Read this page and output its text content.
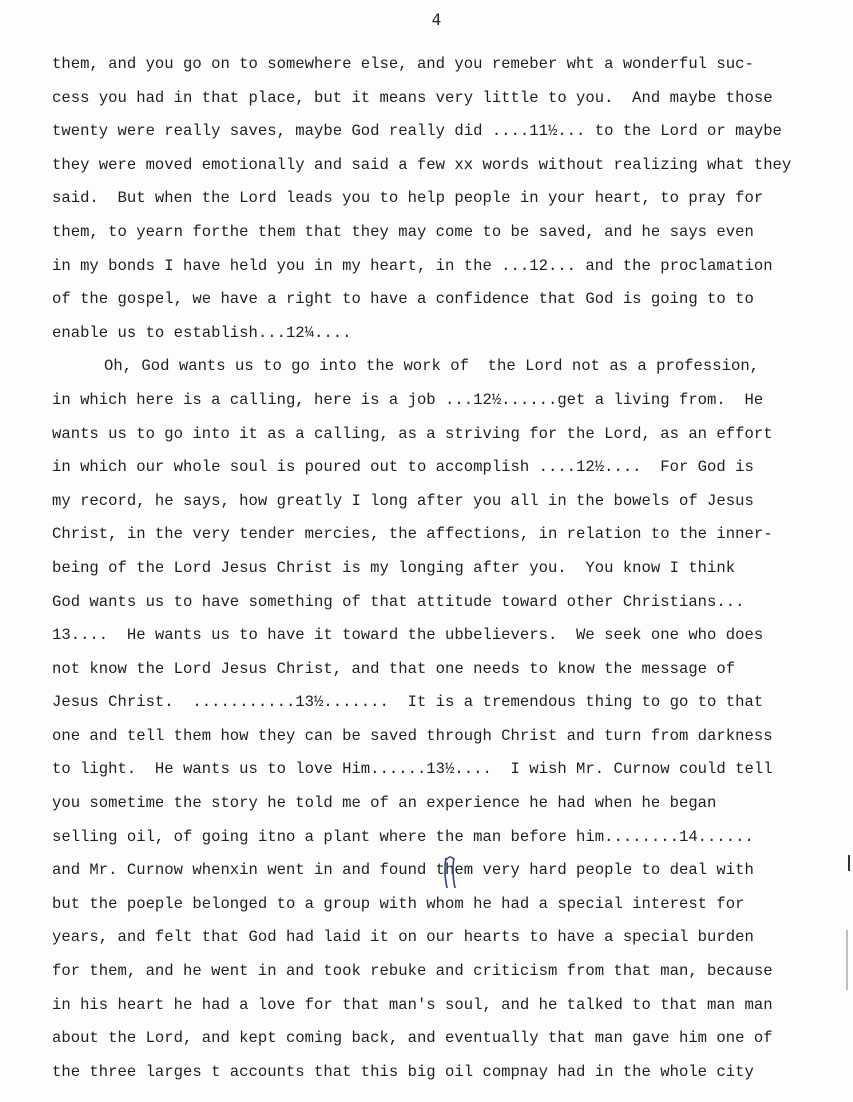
4
them, and you go on to somewhere else, and you remeber wht a wonderful suc-
cess you had in that place, but it means very little to you.  And maybe those
twenty were really saves, maybe God really did ....11½... to the Lord or maybe
they were moved emotionally and said a few xx words without realizing what they
said.  But when the Lord leads you to help people in your heart, to pray for
them, to yearn forthe them that they may come to be saved, and he says even
in my bonds I have held you in my heart, in the ...12... and the proclamation
of the gospel, we have a right to have a confidence that God is going to to
enable us to establish...12¼....
Oh, God wants us to go into the work of  the Lord not as a profession,
in which here is a calling, here is a job ...12½......get a living from.  He
wants us to go into it as a calling, as a striving for the Lord, as an effort
in which our whole soul is poured out to accomplish ....12½....  For God is
my record, he says, how greatly I long after you all in the bowels of Jesus
Christ, in the very tender mercies, the affections, in relation to the inner-
being of the Lord Jesus Christ is my longing after you.  You know I think
God wants us to have something of that attitude toward other Christians...
13....  He wants us to have it toward the ubbelievers.  We seek one who does
not know the Lord Jesus Christ, and that one needs to know the message of
Jesus Christ.  ...........13½.......  It is a tremendous thing to go to that
one and tell them how they can be saved through Christ and turn from darkness
to light.  He wants us to love Him......13½....  I wish Mr. Curnow could tell
you sometime the story he told me of an experience he had when he began
selling oil, of going itno a plant where the man before him........14......
and Mr. Curnow whenxin went in and found them very hard people to deal with
but the poeple belonged to a group with whom he had a special interest for
years, and felt that God had laid it on our hearts to have a special burden
for them, and he went in and took rebuke and criticism from that man, because
in his heart he had a love for that man's soul, and he talked to that man man
about the Lord, and kept coming back, and eventually that man gave him one of
the three larges t accounts that this big oil compnay had in the whole city
